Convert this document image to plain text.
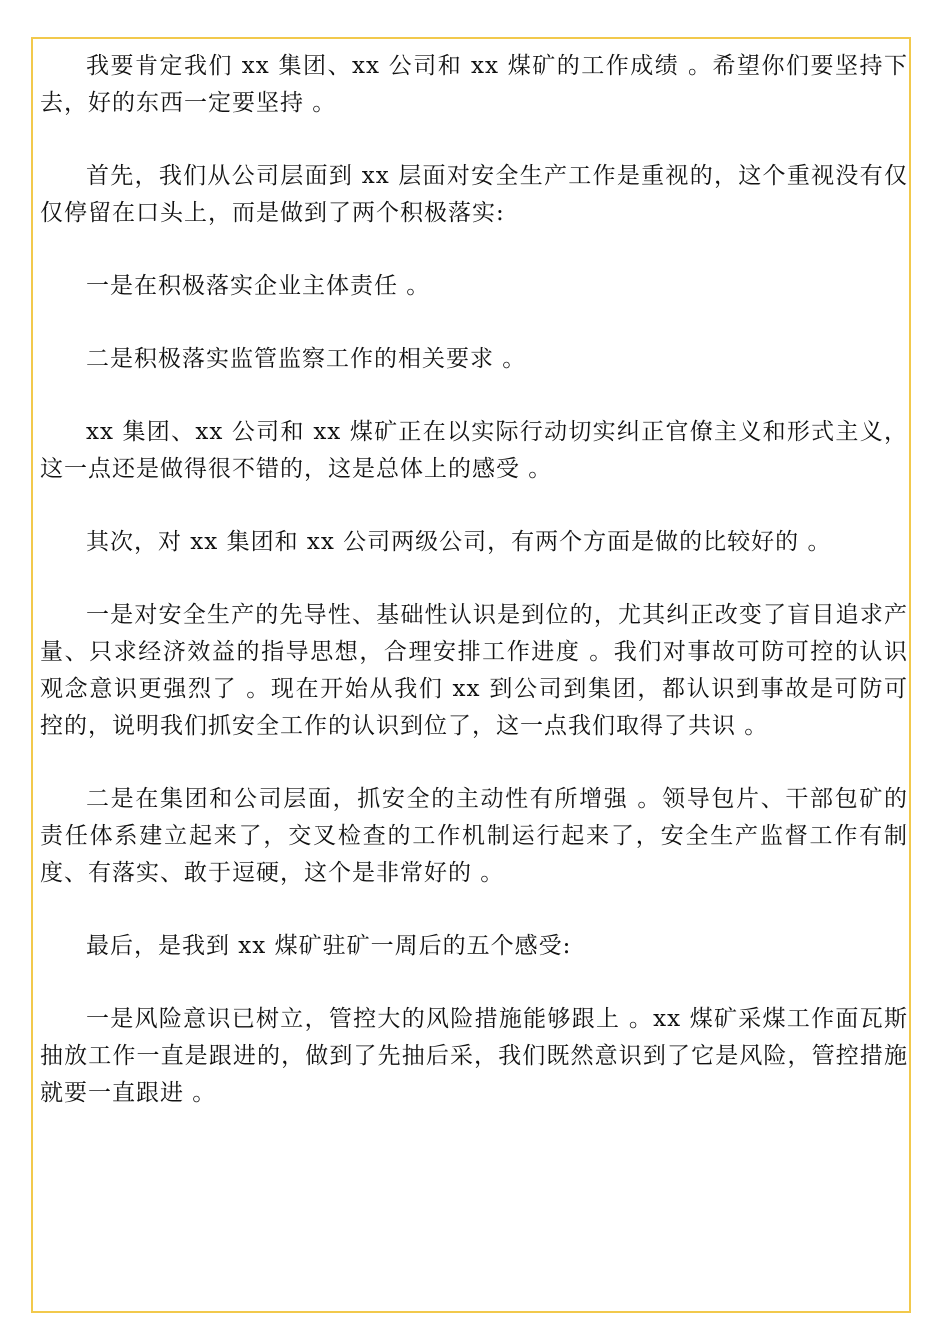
我要肯定我们 xx 集团、xx 公司和 xx 煤矿的工作成绩 。希望你们要坚持下去，好的东西一定要坚持 。

首先，我们从公司层面到 xx 层面对安全生产工作是重视的，这个重视没有仅仅停留在口头上，而是做到了两个积极落实:

一是在积极落实企业主体责任 。

二是积极落实监管监察工作的相关要求 。

xx 集团、xx 公司和 xx 煤矿正在以实际行动切实纠正官僚主义和形式主义，这一点还是做得很不错的，这是总体上的感受 。

其次，对 xx 集团和 xx 公司两级公司，有两个方面是做的比较好的 。

一是对安全生产的先导性、基础性认识是到位的，尤其纠正改变了盲目追求产量、只求经济效益的指导思想，合理安排工作进度 。我们对事故可防可控的认识观念意识更强烈了 。现在开始从我们 xx 到公司到集团，都认识到事故是可防可控的，说明我们抓安全工作的认识到位了，这一点我们取得了共识 。

二是在集团和公司层面，抓安全的主动性有所增强 。领导包片、干部包矿的责任体系建立起来了，交叉检查的工作机制运行起来了，安全生产监督工作有制度、有落实、敢于逗硬，这个是非常好的 。

最后，是我到 xx 煤矿驻矿一周后的五个感受:

一是风险意识已树立，管控大的风险措施能够跟上 。xx 煤矿采煤工作面瓦斯抽放工作一直是跟进的，做到了先抽后采，我们既然意识到了它是风险，管控措施就要一直跟进 。
